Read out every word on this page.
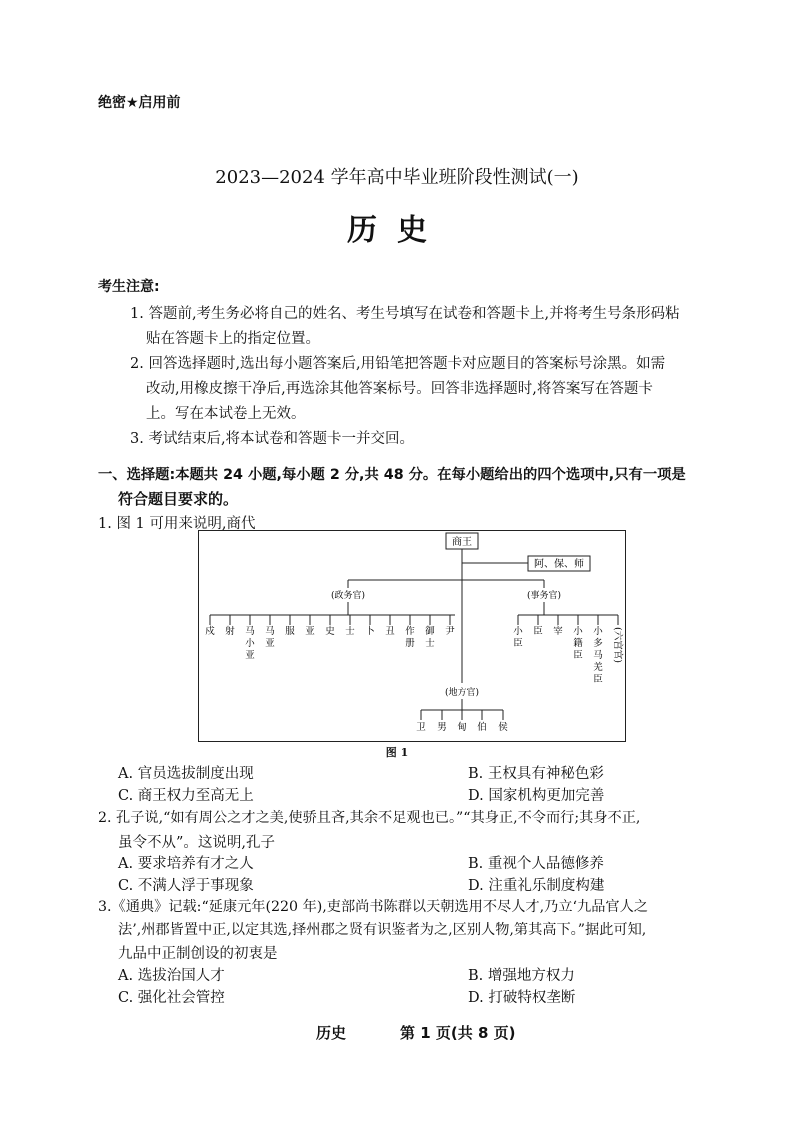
绝密★启用前
2023—2024 学年高中毕业班阶段性测试(一)
历史
考生注意:
1. 答题前,考生务必将自己的姓名、考生号填写在试卷和答题卡上,并将考生号条形码粘
贴在答题卡上的指定位置。
2. 回答选择题时,选出每小题答案后,用铅笔把答题卡对应题目的答案标号涂黑。如需
改动,用橡皮擦干净后,再选涂其他答案标号。回答非选择题时,将答案写在答题卡
上。写在本试卷上无效。
3. 考试结束后,将本试卷和答题卡一并交回。
一、选择题:本题共 24 小题,每小题 2 分,共 48 分。在每小题给出的四个选项中,只有一项是
符合题目要求的。
1. 图 1 可用来说明,商代
商王
阿、保、师
(政务官)	(事务官)
戍 射 马小亚
马亚
服 亚 史 士 卜 丑 作册
御士
尹	小臣
臣 宰 小籍臣
小多马羌臣
(六宫官)
(地方官)
卫 男 甸 伯 侯
图 1
A. 官员选拔制度出现	B. 王权具有神秘色彩
C. 商王权力至高无上	D. 国家机构更加完善
2. 孔子说,“如有周公之才之美,使骄且吝,其余不足观也已。”“其身正,不令而行;其身不正,
虽令不从”。这说明,孔子
A. 要求培养有才之人	B. 重视个人品德修养
C. 不满人浮于事现象	D. 注重礼乐制度构建
3.《通典》记载:“延康元年(220 年),吏部尚书陈群以天朝选用不尽人才,乃立‘九品官人之
法’,州郡皆置中正,以定其选,择州郡之贤有识鉴者为之,区别人物,第其高下。”据此可知,
九品中正制创设的初衷是
A. 选拔治国人才	B. 增强地方权力
C. 强化社会管控	D. 打破特权垄断
历史	第 1 页(共 8 页)
